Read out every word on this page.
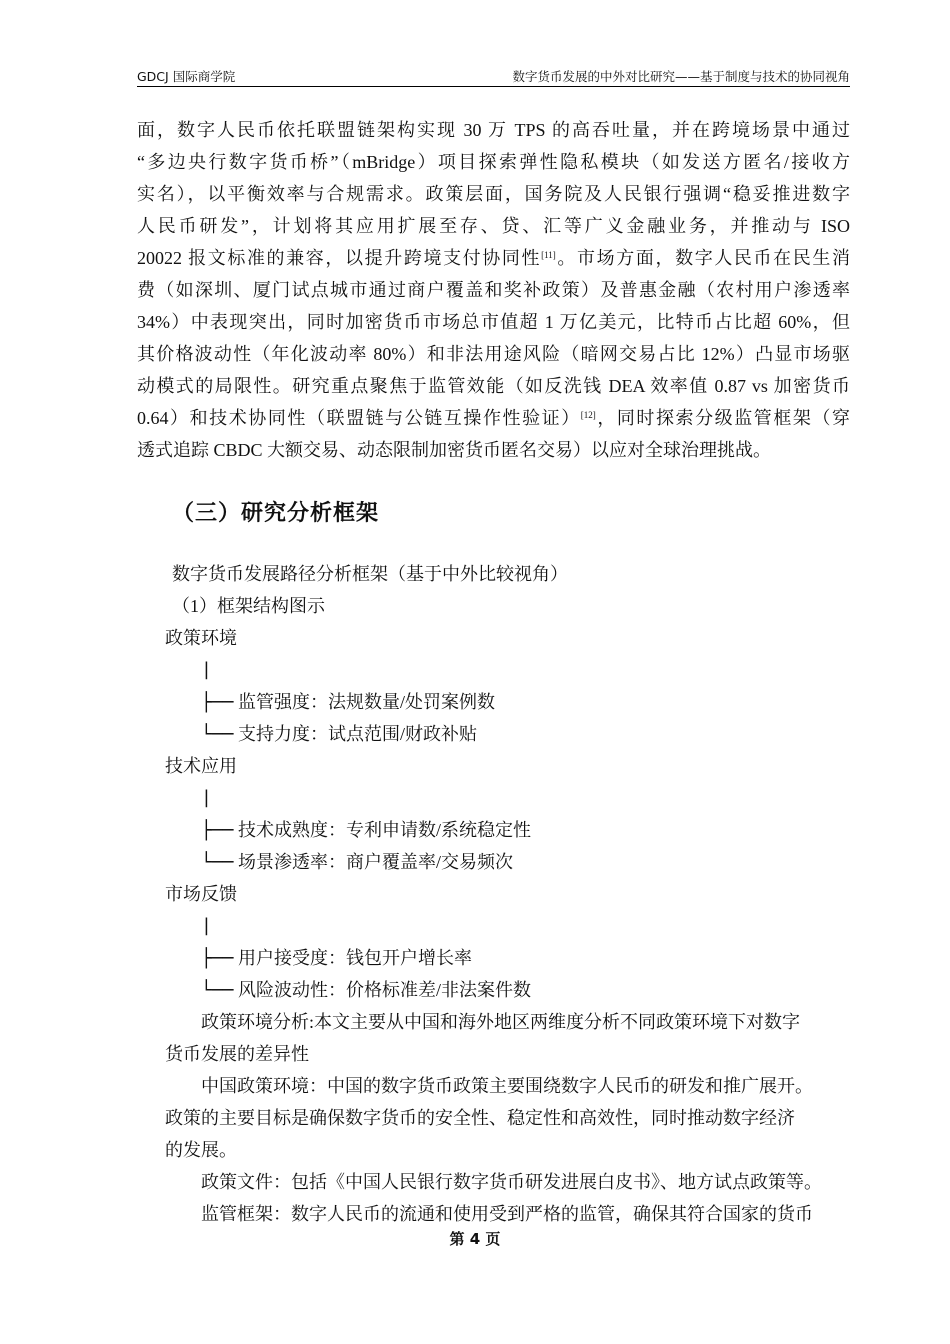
GDCJ 国际商学院	数字货币发展的中外对比研究——基于制度与技术的协同视角
面，数字人民币依托联盟链架构实现 30 万 TPS 的高吞吐量，并在跨境场景中通过
“多边央行数字货币桥”（mBridge）项目探索弹性隐私模块（如发送方匿名/接收方
实名），以平衡效率与合规需求。政策层面，国务院及人民银行强调“稳妥推进数字
人民币研发”，计划将其应用扩展至存、贷、汇等广义金融业务，并推动与 ISO
20022 报文标准的兼容，以提升跨境支付协同性[11]。市场方面，数字人民币在民生消
费（如深圳、厦门试点城市通过商户覆盖和奖补政策）及普惠金融（农村用户渗透率
34%）中表现突出，同时加密货币市场总市值超 1 万亿美元，比特币占比超 60%，但
其价格波动性（年化波动率 80%）和非法用途风险（暗网交易占比 12%）凸显市场驱
动模式的局限性。研究重点聚焦于监管效能（如反洗钱 DEA 效率值 0.87 vs 加密货币
0.64）和技术协同性（联盟链与公链互操作性验证）[12]，同时探索分级监管框架（穿
透式追踪 CBDC 大额交易、动态限制加密货币匿名交易）以应对全球治理挑战。
（三）研究分析框架
数字货币发展路径分析框架（基于中外比较视角）
（1）框架结构图示
政策环境
|
├── 监管强度：法规数量/处罚案例数
└── 支持力度：试点范围/财政补贴
技术应用
|
├── 技术成熟度：专利申请数/系统稳定性
└── 场景渗透率：商户覆盖率/交易频次
市场反馈
|
├── 用户接受度：钱包开户增长率
└── 风险波动性：价格标准差/非法案件数
政策环境分析:本文主要从中国和海外地区两维度分析不同政策环境下对数字
货币发展的差异性
中国政策环境：中国的数字货币政策主要围绕数字人民币的研发和推广展开。
政策的主要目标是确保数字货币的安全性、稳定性和高效性，同时推动数字经济
的发展。
政策文件：包括《中国人民银行数字货币研发进展白皮书》、地方试点政策等。
监管框架：数字人民币的流通和使用受到严格的监管，确保其符合国家的货币
第 4 页
